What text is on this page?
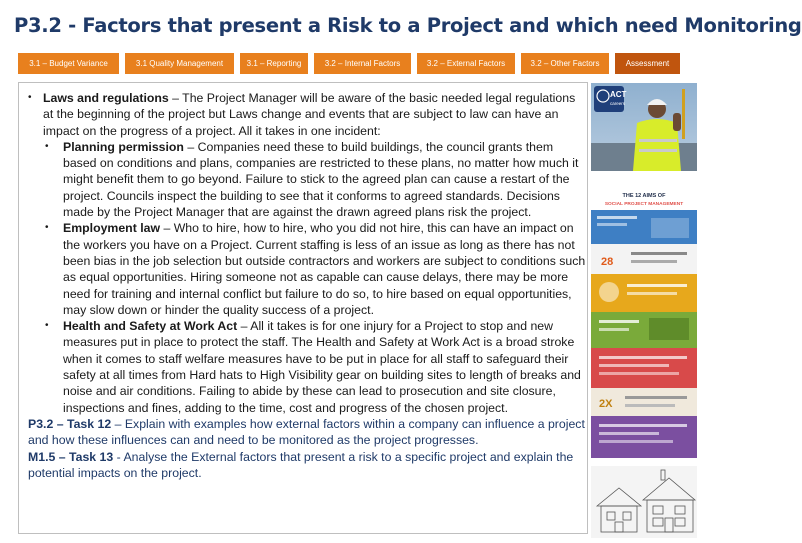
P3.2 - Factors that present a Risk to a Project and which need Monitoring
3.1 – Budget Variance	3.1 Quality Management	3.1 – Reporting	3.2 – Internal Factors	3.2 – External Factors	3.2 – Other Factors	Assessment
• Laws and regulations – The Project Manager will be aware of the basic needed legal regulations at the beginning of the project but Laws change and events that are subject to law can have an impact on the progress of a project. All it takes in one incident:
• Planning permission – Companies need these to build buildings, the council grants them based on conditions and plans, companies are restricted to these plans, no matter how much it might benefit them to go beyond. Failure to stick to the agreed plan can cause a restart of the project. Councils inspect the building to see that it conforms to agreed standards. Decisions made by the Project Manager that are against the drawn agreed plans risk the project.
• Employment law – Who to hire, how to hire, who you did not hire, this can have an impact on the workers you have on a Project. Current staffing is less of an issue as long as there has not been bias in the job selection but outside contractors and workers are subject to conditions such as equal opportunities. Hiring someone not as capable can cause delays, there may be more need for training and internal conflict but failure to do so, to hire based on equal opportunities, may slow down or hinder the quality success of a project.
• Health and Safety at Work Act – All it takes is for one injury for a Project to stop and new measures put in place to protect the staff. The Health and Safety at Work Act is a broad stroke when it comes to staff welfare measures have to be put in place for all staff to safeguard their safety at all times from Hard hats to High Visibility gear on building sites to length of breaks and noise and air conditions. Failing to abide by these can lead to prosecution and site closure, inspections and fines, adding to the time, cost and progress of the chosen project.
P3.2 – Task 12 – Explain with examples how external factors within a company can influence a project and how these influences can and need to be monitored as the project progresses.
M1.5 – Task 13 - Analyse the External factors that present a risk to a specific project and explain the potential impacts on the project.
ACT
careers
THE 12 AIMS OF
SOCIAL PROJECT MANAGEMENT
28
2X
